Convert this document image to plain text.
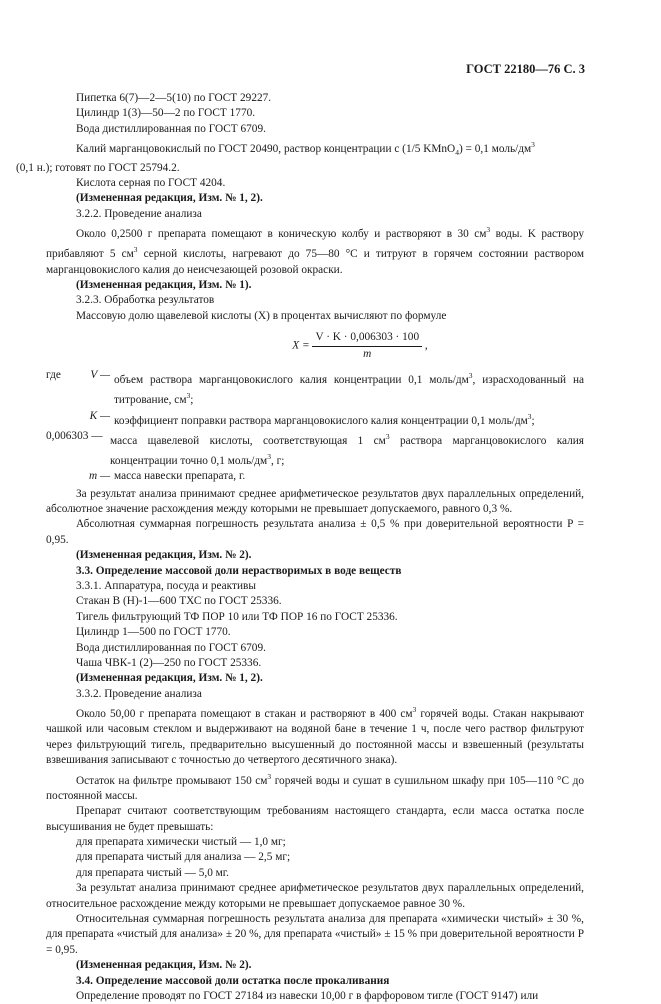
ГОСТ 22180—76 С. 3

Пипетка 6(7)—2—5(10) по ГОСТ 29227.

Цилиндр 1(3)—50—2 по ГОСТ 1770.

Вода дистиллированная по ГОСТ 6709.

Калий марганцовокислый по ГОСТ 20490, раствор концентрации c (1/5 KMnO$_4$) = 0,1 моль/$дм^3$
(0,1 н.); готовят по ГОСТ 25794.2.

Кислота серная по ГОСТ 4204.

(Измененная редакция, Изм. № 1, 2).

3.2.2. Проведение анализа

Около 0,2500 г препарата помещают в коническую колбу и растворяют в 30 $см^3$ воды. K раствору прибавляют 5 $см^3$ серной кислоты, нагревают до 75—80 °С и титруют в горячем состоянии раствором марганцовокислого калия до неисчезающей розовой окраски.

(Измененная редакция, Изм. № 1).

3.2.3. Обработка результатов

Массовую долю щавелевой кислоты (X) в процентах вычисляют по формуле

$X = \frac{V \cdot K \cdot 0,006303 \cdot 100}{m}$ ,
где	V — объем раствора марганцовокислого калия концентрации 0,1 моль/$дм^3$, израсходованный на титрование, $см^3$;
K — коэффициент поправки раствора марганцовокислого калия концентрации 0,1 моль/$дм^3$;
0,006303 — масса щавелевой кислоты, соответствующая 1 $см^3$ раствора марганцовокислого калия концентрации точно 0,1 моль/$дм^3$, г;
m — масса навески препарата, г.

За результат анализа принимают среднее арифметическое результатов двух параллельных определений, абсолютное значение расхождения между которыми не превышает допускаемого, равного 0,3 %.

Абсолютная суммарная погрешность результата анализа ± 0,5 % при доверительной вероятности P = 0,95.

(Измененная редакция, Изм. № 2).

3.3. Определение массовой доли нерастворимых в воде веществ

3.3.1. Аппаратура, посуда и реактивы

Стакан В (Н)-1—600 ТХС по ГОСТ 25336.

Тигель фильтрующий ТФ ПОР 10 или ТФ ПОР 16 по ГОСТ 25336.

Цилиндр 1—500 по ГОСТ 1770.

Вода дистиллированная по ГОСТ 6709.

Чаша ЧВК-1 (2)—250 по ГОСТ 25336.

(Измененная редакция, Изм. № 1, 2).

3.3.2. Проведение анализа

Около 50,00 г препарата помещают в стакан и растворяют в 400 $см^3$ горячей воды. Стакан накрывают чашкой или часовым стеклом и выдерживают на водяной бане в течение 1 ч, после чего раствор фильтруют через фильтрующий тигель, предварительно высушенный до постоянной массы и взвешенный (результаты взвешивания записывают с точностью до четвертого десятичного знака).

Остаток на фильтре промывают 150 $см^3$ горячей воды и сушат в сушильном шкафу при 105—110 °С до постоянной массы.

Препарат считают соответствующим требованиям настоящего стандарта, если масса остатка после высушивания не будет превышать:

для препарата химически чистый — 1,0 мг;

для препарата чистый для анализа — 2,5 мг;

для препарата чистый — 5,0 мг.

За результат анализа принимают среднее арифметическое результатов двух параллельных определений, относительное расхождение между которыми не превышает допускаемое равное 30 %.

Относительная суммарная погрешность результата анализа для препарата «химически чистый» ± 30 %, для препарата «чистый для анализа» ± 20 %, для препарата «чистый» ± 15 % при доверительной вероятности P = 0,95.

(Измененная редакция, Изм. № 2).

3.4. Определение массовой доли остатка после прокаливания

Определение проводят по ГОСТ 27184 из навески 10,00 г в фарфоровом тигле (ГОСТ 9147) или
